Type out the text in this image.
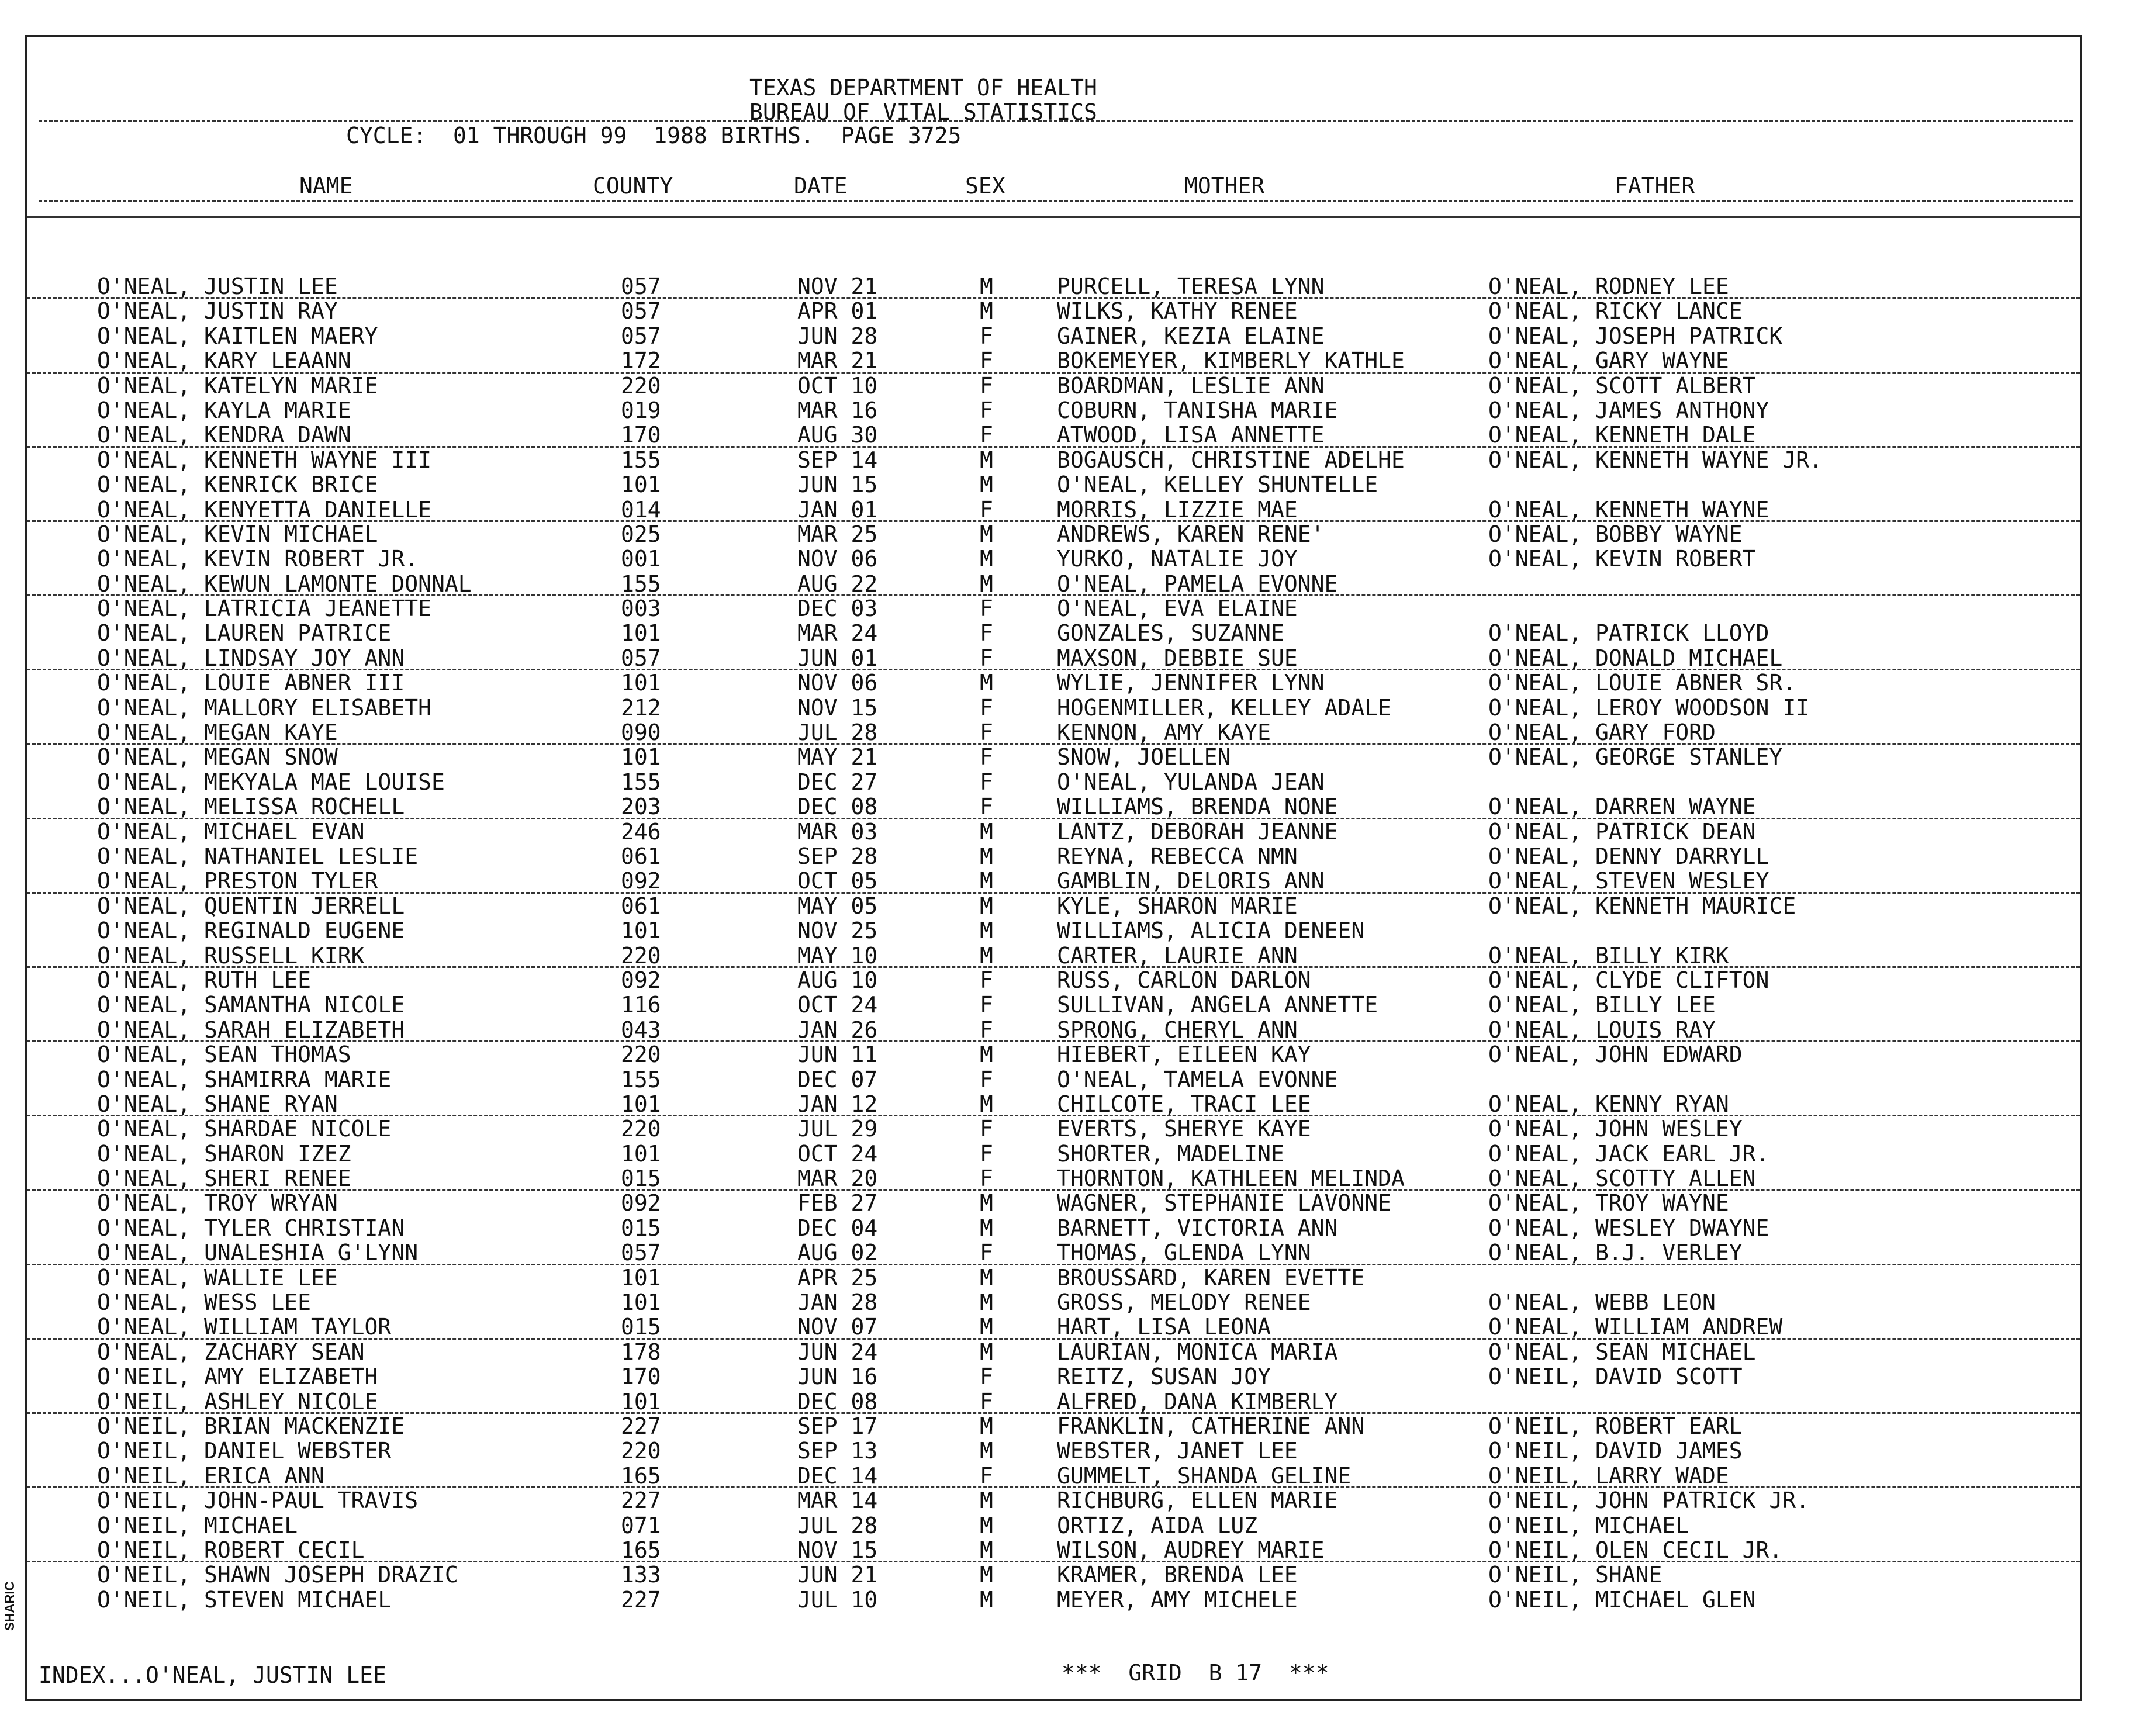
SHARIC
TEXAS DEPARTMENT OF HEALTH
BUREAU OF VITAL STATISTICS
CYCLE:  01 THROUGH 99  1988 BIRTHS.  PAGE 3725
NAME	COUNTY	DATE	SEX	MOTHER	FATHER
O'NEAL, JUSTIN LEE	057	NOV 21	M	PURCELL, TERESA LYNN	O'NEAL, RODNEY LEE
O'NEAL, JUSTIN RAY	057	APR 01	M	WILKS, KATHY RENEE	O'NEAL, RICKY LANCE
O'NEAL, KAITLEN MAERY	057	JUN 28	F	GAINER, KEZIA ELAINE	O'NEAL, JOSEPH PATRICK
O'NEAL, KARY LEAANN	172	MAR 21	F	BOKEMEYER, KIMBERLY KATHLE	O'NEAL, GARY WAYNE
O'NEAL, KATELYN MARIE	220	OCT 10	F	BOARDMAN, LESLIE ANN	O'NEAL, SCOTT ALBERT
O'NEAL, KAYLA MARIE	019	MAR 16	F	COBURN, TANISHA MARIE	O'NEAL, JAMES ANTHONY
O'NEAL, KENDRA DAWN	170	AUG 30	F	ATWOOD, LISA ANNETTE	O'NEAL, KENNETH DALE
O'NEAL, KENNETH WAYNE III	155	SEP 14	M	BOGAUSCH, CHRISTINE ADELHE	O'NEAL, KENNETH WAYNE JR.
O'NEAL, KENRICK BRICE	101	JUN 15	M	O'NEAL, KELLEY SHUNTELLE
O'NEAL, KENYETTA DANIELLE	014	JAN 01	F	MORRIS, LIZZIE MAE	O'NEAL, KENNETH WAYNE
O'NEAL, KEVIN MICHAEL	025	MAR 25	M	ANDREWS, KAREN RENE'	O'NEAL, BOBBY WAYNE
O'NEAL, KEVIN ROBERT JR.	001	NOV 06	M	YURKO, NATALIE JOY	O'NEAL, KEVIN ROBERT
O'NEAL, KEWUN LAMONTE DONNAL	155	AUG 22	M	O'NEAL, PAMELA EVONNE
O'NEAL, LATRICIA JEANETTE	003	DEC 03	F	O'NEAL, EVA ELAINE
O'NEAL, LAUREN PATRICE	101	MAR 24	F	GONZALES, SUZANNE	O'NEAL, PATRICK LLOYD
O'NEAL, LINDSAY JOY ANN	057	JUN 01	F	MAXSON, DEBBIE SUE	O'NEAL, DONALD MICHAEL
O'NEAL, LOUIE ABNER III	101	NOV 06	M	WYLIE, JENNIFER LYNN	O'NEAL, LOUIE ABNER SR.
O'NEAL, MALLORY ELISABETH	212	NOV 15	F	HOGENMILLER, KELLEY ADALE	O'NEAL, LEROY WOODSON II
O'NEAL, MEGAN KAYE	090	JUL 28	F	KENNON, AMY KAYE	O'NEAL, GARY FORD
O'NEAL, MEGAN SNOW	101	MAY 21	F	SNOW, JOELLEN	O'NEAL, GEORGE STANLEY
O'NEAL, MEKYALA MAE LOUISE	155	DEC 27	F	O'NEAL, YULANDA JEAN
O'NEAL, MELISSA ROCHELL	203	DEC 08	F	WILLIAMS, BRENDA NONE	O'NEAL, DARREN WAYNE
O'NEAL, MICHAEL EVAN	246	MAR 03	M	LANTZ, DEBORAH JEANNE	O'NEAL, PATRICK DEAN
O'NEAL, NATHANIEL LESLIE	061	SEP 28	M	REYNA, REBECCA NMN	O'NEAL, DENNY DARRYLL
O'NEAL, PRESTON TYLER	092	OCT 05	M	GAMBLIN, DELORIS ANN	O'NEAL, STEVEN WESLEY
O'NEAL, QUENTIN JERRELL	061	MAY 05	M	KYLE, SHARON MARIE	O'NEAL, KENNETH MAURICE
O'NEAL, REGINALD EUGENE	101	NOV 25	M	WILLIAMS, ALICIA DENEEN
O'NEAL, RUSSELL KIRK	220	MAY 10	M	CARTER, LAURIE ANN	O'NEAL, BILLY KIRK
O'NEAL, RUTH LEE	092	AUG 10	F	RUSS, CARLON DARLON	O'NEAL, CLYDE CLIFTON
O'NEAL, SAMANTHA NICOLE	116	OCT 24	F	SULLIVAN, ANGELA ANNETTE	O'NEAL, BILLY LEE
O'NEAL, SARAH ELIZABETH	043	JAN 26	F	SPRONG, CHERYL ANN	O'NEAL, LOUIS RAY
O'NEAL, SEAN THOMAS	220	JUN 11	M	HIEBERT, EILEEN KAY	O'NEAL, JOHN EDWARD
O'NEAL, SHAMIRRA MARIE	155	DEC 07	F	O'NEAL, TAMELA EVONNE
O'NEAL, SHANE RYAN	101	JAN 12	M	CHILCOTE, TRACI LEE	O'NEAL, KENNY RYAN
O'NEAL, SHARDAE NICOLE	220	JUL 29	F	EVERTS, SHERYE KAYE	O'NEAL, JOHN WESLEY
O'NEAL, SHARON IZEZ	101	OCT 24	F	SHORTER, MADELINE	O'NEAL, JACK EARL JR.
O'NEAL, SHERI RENEE	015	MAR 20	F	THORNTON, KATHLEEN MELINDA	O'NEAL, SCOTTY ALLEN
O'NEAL, TROY WRYAN	092	FEB 27	M	WAGNER, STEPHANIE LAVONNE	O'NEAL, TROY WAYNE
O'NEAL, TYLER CHRISTIAN	015	DEC 04	M	BARNETT, VICTORIA ANN	O'NEAL, WESLEY DWAYNE
O'NEAL, UNALESHIA G'LYNN	057	AUG 02	F	THOMAS, GLENDA LYNN	O'NEAL, B.J. VERLEY
O'NEAL, WALLIE LEE	101	APR 25	M	BROUSSARD, KAREN EVETTE
O'NEAL, WESS LEE	101	JAN 28	M	GROSS, MELODY RENEE	O'NEAL, WEBB LEON
O'NEAL, WILLIAM TAYLOR	015	NOV 07	M	HART, LISA LEONA	O'NEAL, WILLIAM ANDREW
O'NEAL, ZACHARY SEAN	178	JUN 24	M	LAURIAN, MONICA MARIA	O'NEAL, SEAN MICHAEL
O'NEIL, AMY ELIZABETH	170	JUN 16	F	REITZ, SUSAN JOY	O'NEIL, DAVID SCOTT
O'NEIL, ASHLEY NICOLE	101	DEC 08	F	ALFRED, DANA KIMBERLY
O'NEIL, BRIAN MACKENZIE	227	SEP 17	M	FRANKLIN, CATHERINE ANN	O'NEIL, ROBERT EARL
O'NEIL, DANIEL WEBSTER	220	SEP 13	M	WEBSTER, JANET LEE	O'NEIL, DAVID JAMES
O'NEIL, ERICA ANN	165	DEC 14	F	GUMMELT, SHANDA GELINE	O'NEIL, LARRY WADE
O'NEIL, JOHN-PAUL TRAVIS	227	MAR 14	M	RICHBURG, ELLEN MARIE	O'NEIL, JOHN PATRICK JR.
O'NEIL, MICHAEL	071	JUL 28	M	ORTIZ, AIDA LUZ	O'NEIL, MICHAEL
O'NEIL, ROBERT CECIL	165	NOV 15	M	WILSON, AUDREY MARIE	O'NEIL, OLEN CECIL JR.
O'NEIL, SHAWN JOSEPH DRAZIC	133	JUN 21	M	KRAMER, BRENDA LEE	O'NEIL, SHANE
O'NEIL, STEVEN MICHAEL	227	JUL 10	M	MEYER, AMY MICHELE	O'NEIL, MICHAEL GLEN
INDEX...O'NEAL, JUSTIN LEE	***  GRID  B 17  ***
